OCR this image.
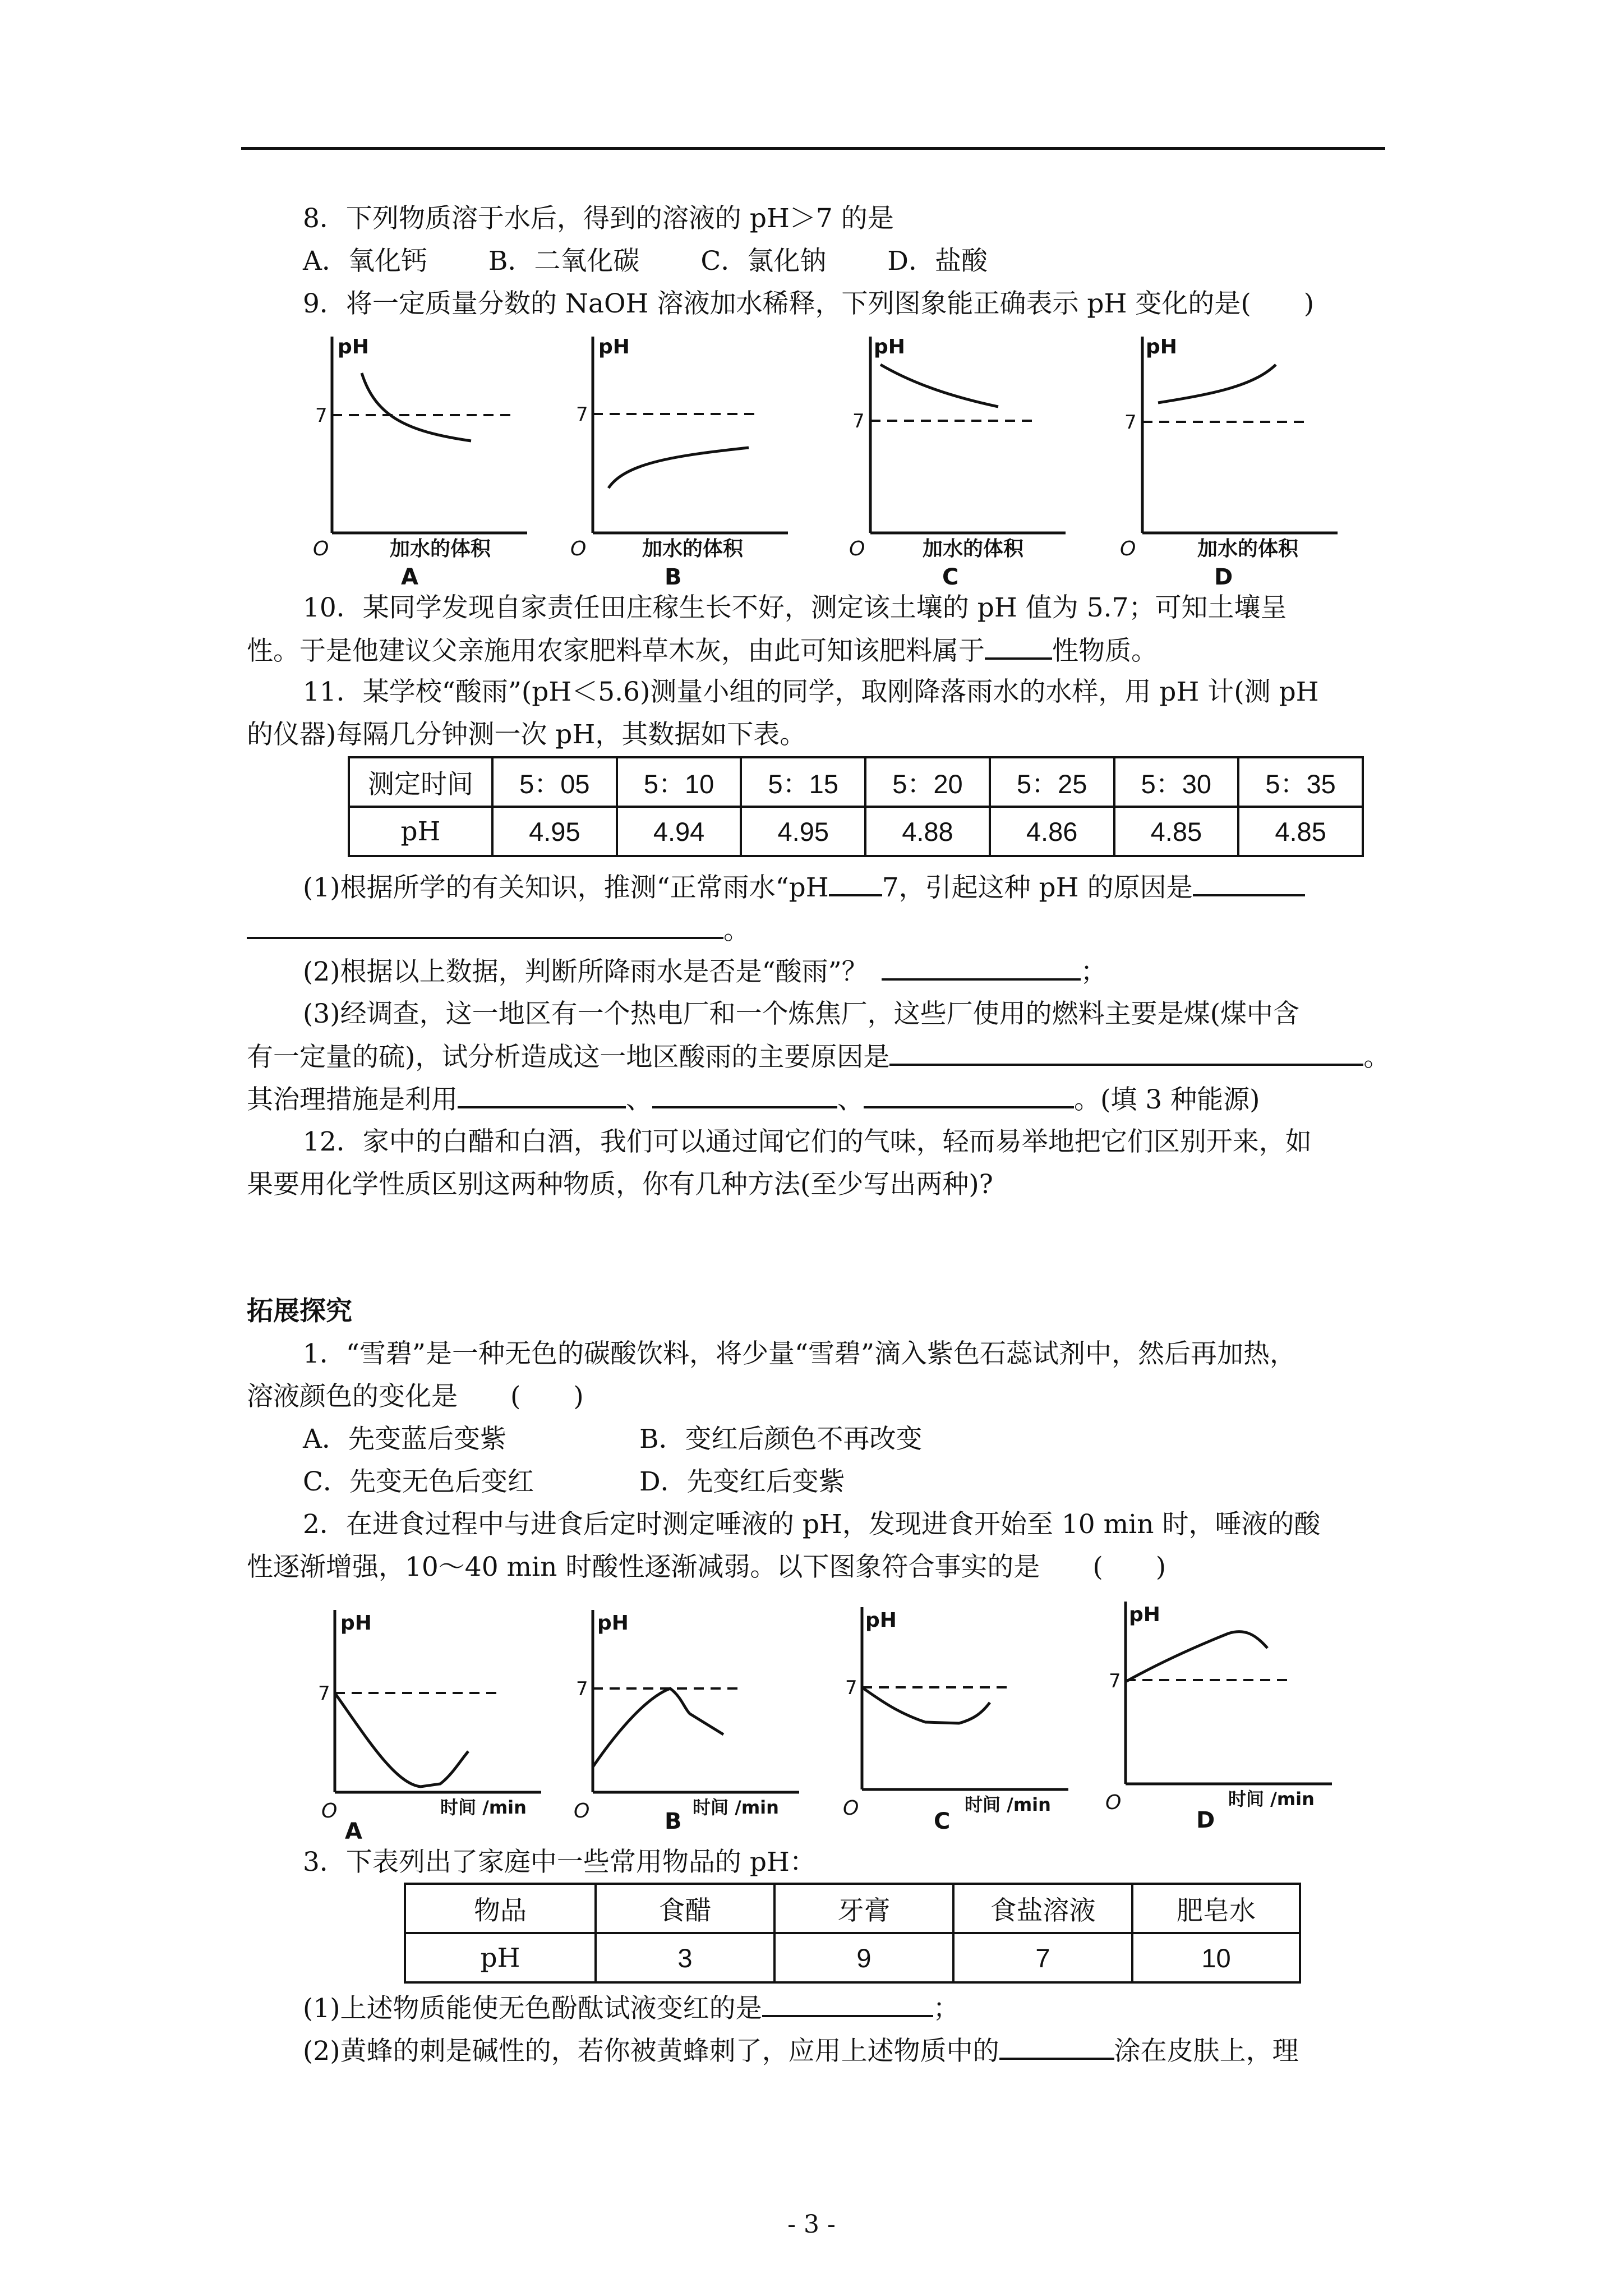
8．下列物质溶于水后，得到的溶液的 pH＞7 的是
A．氧化钙 　　B．二氧化碳 　　C．氯化钠 　　D．盐酸
9．将一定质量分数的 NaOH 溶液加水稀释，下列图象能正确表示 pH 变化的是(　　)
pH
7
O	加水的体积
A
pH
7
O	加水的体积
B
pH
7
O	加水的体积
C
pH
7
O	加水的体积
D
10．某同学发现自家责任田庄稼生长不好，测定该土壤的 pH 值为 5.7；可知土壤呈
性。于是他建议父亲施用农家肥料草木灰，由此可知该肥料属于	性物质。
11．某学校“酸雨”(pH＜5.6)测量小组的同学，取刚降落雨水的水样，用 pH 计(测 pH
的仪器)每隔几分钟测一次 pH，其数据如下表。
测定时间	5：05	5：10	5：15	5：20	5：25	5：30	5：35
pH	4.95	4.94	4.95	4.88	4.86	4.85	4.85
(1)根据所学的有关知识，推测“正常雨水“pH 7，引起这种 pH 的原因是
。
(2)根据以上数据，判断所降雨水是否是“酸雨”？	；
(3)经调查，这一地区有一个热电厂和一个炼焦厂，这些厂使用的燃料主要是煤(煤中含
有一定量的硫)，试分析造成这一地区酸雨的主要原因是	。
其治理措施是利用	、	、	。(填 3 种能源)
12．家中的白醋和白酒，我们可以通过闻它们的气味，轻而易举地把它们区别开来，如
果要用化学性质区别这两种物质，你有几种方法(至少写出两种)?
拓展探究
1．“雪碧”是一种无色的碳酸饮料，将少量“雪碧”滴入紫色石蕊试剂中，然后再加热，
溶液颜色的变化是　　(　　)
A．先变蓝后变紫	B．变红后颜色不再改变
C．先变无色后变红	D．先变红后变紫
2．在进食过程中与进食后定时测定唾液的 pH，发现进食开始至 10 min 时，唾液的酸
性逐渐增强，10～40 min 时酸性逐渐减弱。以下图象符合事实的是　　(　　)
pH
7
O	时间 /min
A
pH
7
O	时间 /min
B
pH
7
O	时间 /min
C
pH
7
O	时间 /min
D
3．下表列出了家庭中一些常用物品的 pH：
物品	食醋	牙膏	食盐溶液	肥皂水
pH	3	9	7	10
(1)上述物质能使无色酚酞试液变红的是	；
(2)黄蜂的刺是碱性的，若你被黄蜂刺了，应用上述物质中的	涂在皮肤上，理
- 3 -
